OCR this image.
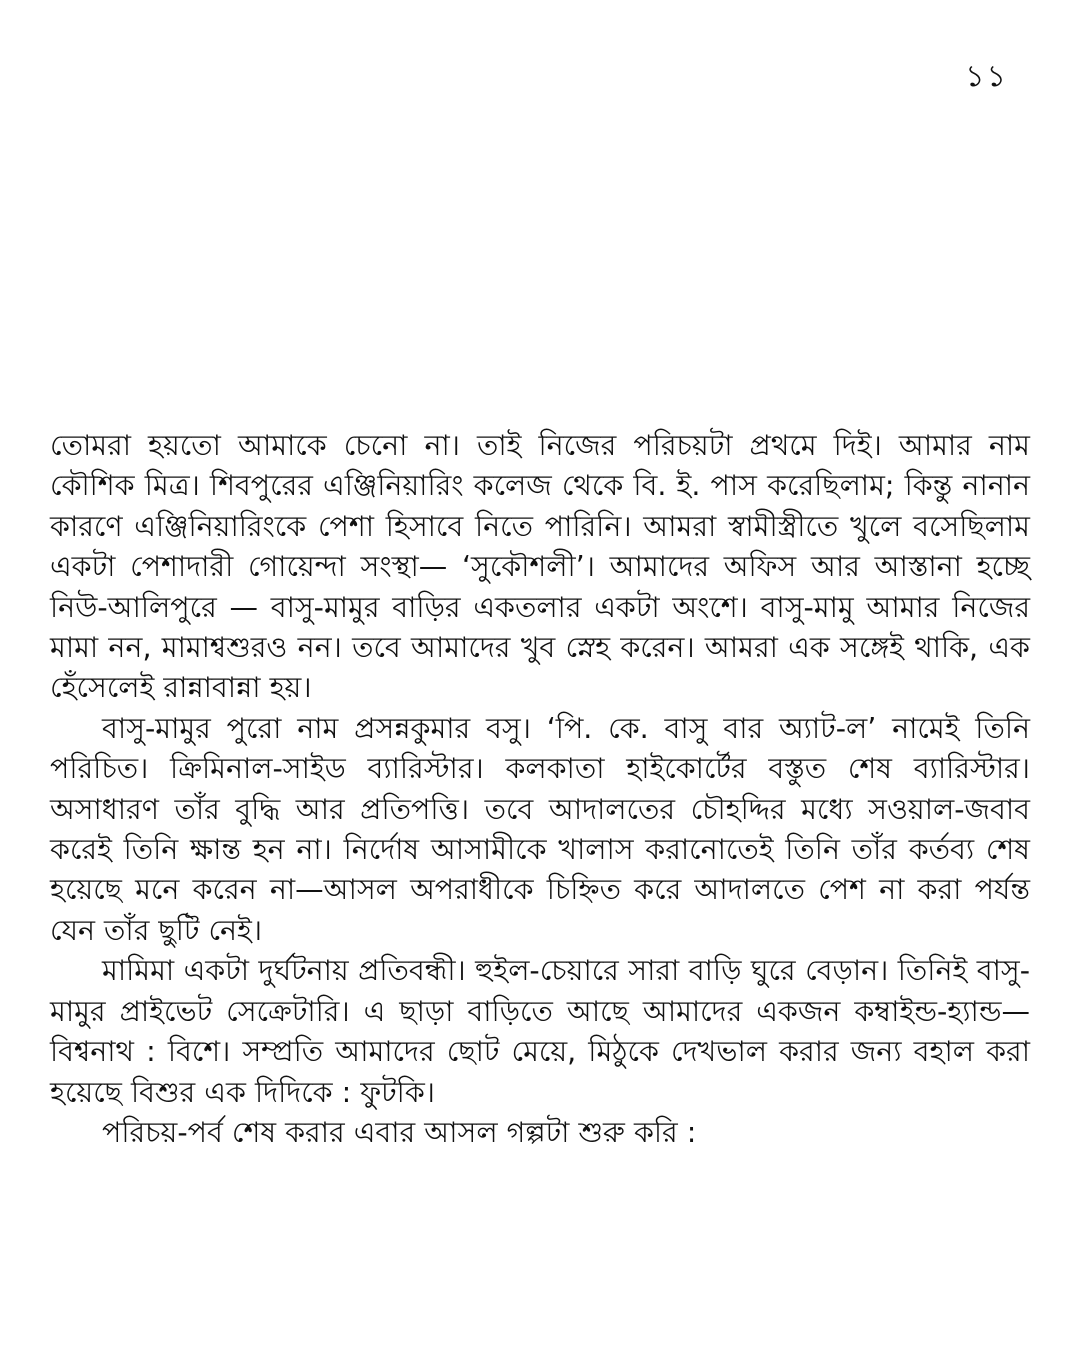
১১

তোমরা হয়তো আমাকে চেনো না। তাই নিজের পরিচয়টা প্রথমে দিই। আমার নাম কৌশিক মিত্র। শিবপুরের এঞ্জিনিয়ারিং কলেজ থেকে বি. ই. পাস করেছিলাম; কিন্তু নানান কারণে এঞ্জিনিয়ারিংকে পেশা হিসাবে নিতে পারিনি। আমরা স্বামীস্ত্রীতে খুলে বসেছিলাম একটা পেশাদারী গোয়েন্দা সংস্থা— ‘সুকৌশলী’। আমাদের অফিস আর আস্তানা হচ্ছে নিউ-আলিপুরে — বাসু-মামুর বাড়ির একতলার একটা অংশে। বাসু-মামু আমার নিজের মামা নন, মামাশ্বশুরও নন। তবে আমাদের খুব স্নেহ করেন। আমরা এক সঙ্গেই থাকি, এক হেঁসেলেই রান্নাবান্না হয়।

বাসু-মামুর পুরো নাম প্রসন্নকুমার বসু। ‘পি. কে. বাসু বার অ্যাট-ল’ নামেই তিনি পরিচিত। ক্রিমিনাল-সাইড ব্যারিস্টার। কলকাতা হাইকোর্টের বস্তুত শেষ ব্যারিস্টার। অসাধারণ তাঁর বুদ্ধি আর প্রতিপত্তি। তবে আদালতের চৌহদ্দির মধ্যে সওয়াল-জবাব করেই তিনি ক্ষান্ত হন না। নির্দোষ আসামীকে খালাস করানোতেই তিনি তাঁর কর্তব্য শেষ হয়েছে মনে করেন না—আসল অপরাধীকে চিহ্নিত করে আদালতে পেশ না করা পর্যন্ত যেন তাঁর ছুটি নেই।

মামিমা একটা দুর্ঘটনায় প্রতিবন্ধী। হুইল-চেয়ারে সারা বাড়ি ঘুরে বেড়ান। তিনিই বাসু-মামুর প্রাইভেট সেক্রেটারি। এ ছাড়া বাড়িতে আছে আমাদের একজন কম্বাইন্ড-হ্যান্ড—বিশ্বনাথ : বিশে। সম্প্রতি আমাদের ছোট মেয়ে, মিঠুকে দেখভাল করার জন্য বহাল করা হয়েছে বিশুর এক দিদিকে : ফুটকি।

পরিচয়-পর্ব শেষ করার এবার আসল গল্পটা শুরু করি :
